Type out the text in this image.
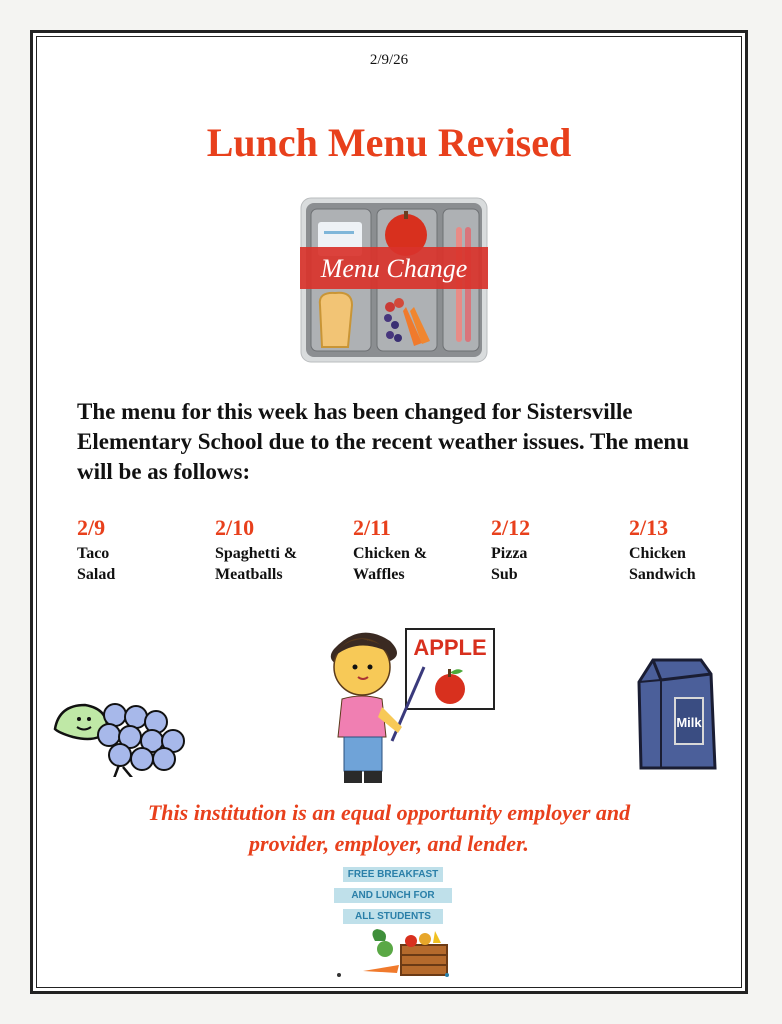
2/9/26
Lunch Menu Revised
Menu Change

The menu for this week has been changed for Sistersville Elementary School due to the recent weather issues. The menu will be as follows:

2/9
Taco
Salad
2/10
Spaghetti &
Meatballs
2/11
Chicken &
Waffles
2/12
Pizza
Sub
2/13
Chicken
Sandwich
APPLE
Milk

This institution is an equal opportunity employer and
provider, employer, and lender.

FREE BREAKFAST
AND LUNCH FOR
ALL STUDENTS
